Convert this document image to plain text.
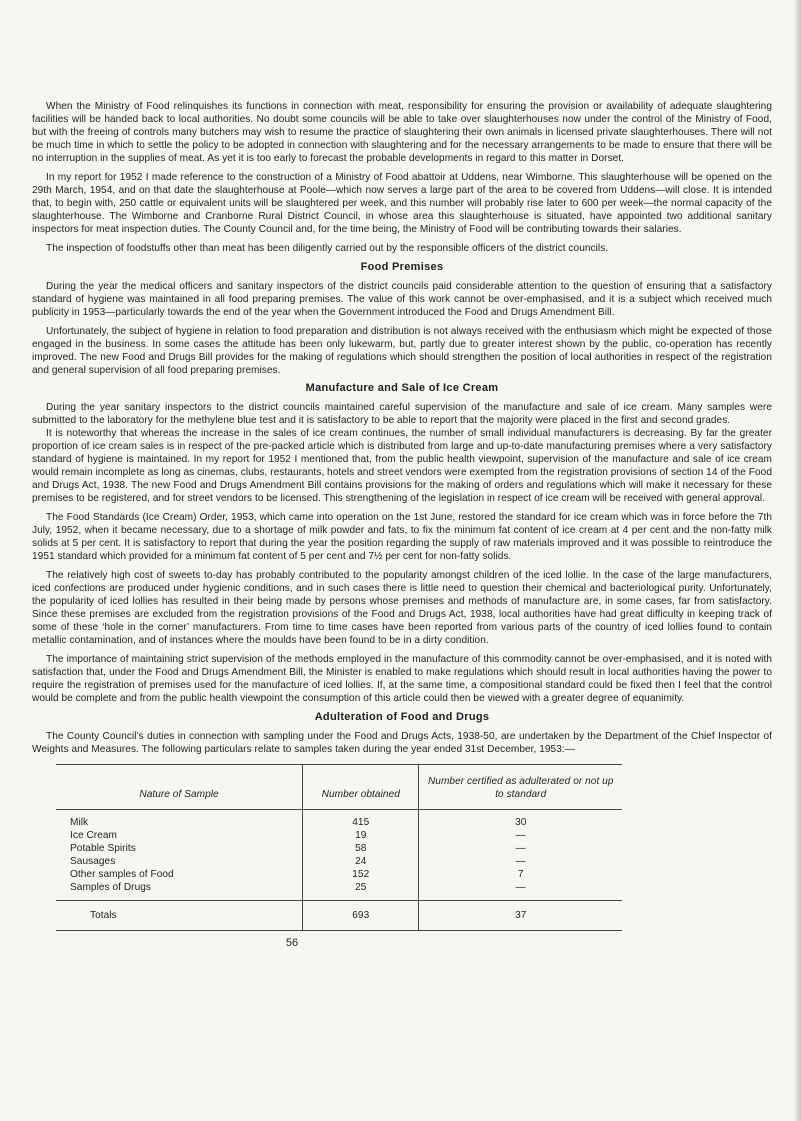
When the Ministry of Food relinquishes its functions in connection with meat, responsibility for ensuring the provision or availability of adequate slaughtering facilities will be handed back to local authorities. No doubt some councils will be able to take over slaughterhouses now under the control of the Ministry of Food, but with the freeing of controls many butchers may wish to resume the practice of slaughtering their own animals in licensed private slaughterhouses. There will not be much time in which to settle the policy to be adopted in connection with slaughtering and for the necessary arrangements to be made to ensure that there will be no interruption in the supplies of meat. As yet it is too early to forecast the probable developments in regard to this matter in Dorset.

In my report for 1952 I made reference to the construction of a Ministry of Food abattoir at Uddens, near Wimborne. This slaughterhouse will be opened on the 29th March, 1954, and on that date the slaughterhouse at Poole—which now serves a large part of the area to be covered from Uddens—will close. It is intended that, to begin with, 250 cattle or equivalent units will be slaughtered per week, and this number will probably rise later to 600 per week—the normal capacity of the slaughterhouse. The Wimborne and Cranborne Rural District Council, in whose area this slaughterhouse is situated, have appointed two additional sanitary inspectors for meat inspection duties. The County Council and, for the time being, the Ministry of Food will be contributing towards their salaries.

The inspection of foodstuffs other than meat has been diligently carried out by the responsible officers of the district councils.

Food Premises

During the year the medical officers and sanitary inspectors of the district councils paid considerable attention to the question of ensuring that a satisfactory standard of hygiene was maintained in all food preparing premises. The value of this work cannot be over-emphasised, and it is a subject which received much publicity in 1953—particularly towards the end of the year when the Government introduced the Food and Drugs Amendment Bill.

Unfortunately, the subject of hygiene in relation to food preparation and distribution is not always received with the enthusiasm which might be expected of those engaged in the business. In some cases the attitude has been only lukewarm, but, partly due to greater interest shown by the public, co-operation has recently improved. The new Food and Drugs Bill provides for the making of regulations which should strengthen the position of local authorities in respect of the registration and general supervision of all food preparing premises.

Manufacture and Sale of Ice Cream

During the year sanitary inspectors to the district councils maintained careful supervision of the manufacture and sale of ice cream. Many samples were submitted to the laboratory for the methylene blue test and it is satisfactory to be able to report that the majority were placed in the first and second grades.

It is noteworthy that whereas the increase in the sales of ice cream continues, the number of small individual manufacturers is decreasing. By far the greater proportion of ice cream sales is in respect of the pre-packed article which is distributed from large and up-to-date manufacturing premises where a very satisfactory standard of hygiene is maintained. In my report for 1952 I mentioned that, from the public health viewpoint, supervision of the manufacture and sale of ice cream would remain incomplete as long as cinemas, clubs, restaurants, hotels and street vendors were exempted from the registration provisions of section 14 of the Food and Drugs Act, 1938. The new Food and Drugs Amendment Bill contains provisions for the making of orders and regulations which will make it necessary for these premises to be registered, and for street vendors to be licensed. This strengthening of the legislation in respect of ice cream will be received with general approval.

The Food Standards (Ice Cream) Order, 1953, which came into operation on the 1st June, restored the standard for ice cream which was in force before the 7th July, 1952, when it became necessary, due to a shortage of milk powder and fats, to fix the minimum fat content of ice cream at 4 per cent and the non-fatty milk solids at 5 per cent. It is satisfactory to report that during the year the position regarding the supply of raw materials improved and it was possible to reintroduce the 1951 standard which provided for a minimum fat content of 5 per cent and 7½ per cent for non-fatty solids.

The relatively high cost of sweets to-day has probably contributed to the popularity amongst children of the iced lollie. In the case of the large manufacturers, iced confections are produced under hygienic conditions, and in such cases there is little need to question their chemical and bacteriological purity. Unfortunately, the popularity of iced lollies has resulted in their being made by persons whose premises and methods of manufacture are, in some cases, far from satisfactory. Since these premises are excluded from the registration provisions of the Food and Drugs Act, 1938, local authorities have had great difficulty in keeping track of some of these ‘hole in the corner’ manufacturers. From time to time cases have been reported from various parts of the country of iced lollies found to contain metallic contamination, and of instances where the moulds have been found to be in a dirty condition.

The importance of maintaining strict supervision of the methods employed in the manufacture of this commodity cannot be over-emphasised, and it is noted with satisfaction that, under the Food and Drugs Amendment Bill, the Minister is enabled to make regulations which should result in local authorities having the power to require the registration of premises used for the manufacture of iced lollies. If, at the same time, a compositional standard could be fixed then I feel that the control would be complete and from the public health viewpoint the consumption of this article could then be viewed with a greater degree of equanimity.

Adulteration of Food and Drugs

The County Council’s duties in connection with sampling under the Food and Drugs Acts, 1938-50, are undertaken by the Department of the Chief Inspector of Weights and Measures. The following particulars relate to samples taken during the year ended 31st December, 1953:—

Nature of Sample	Number obtained	Number certified as adulterated or not up to standard
Milk	415	30
Ice Cream	19	—
Potable Spirits	58	—
Sausages	24	—
Other samples of Food	152	7
Samples of Drugs	25	—
Totals	693	37
56
